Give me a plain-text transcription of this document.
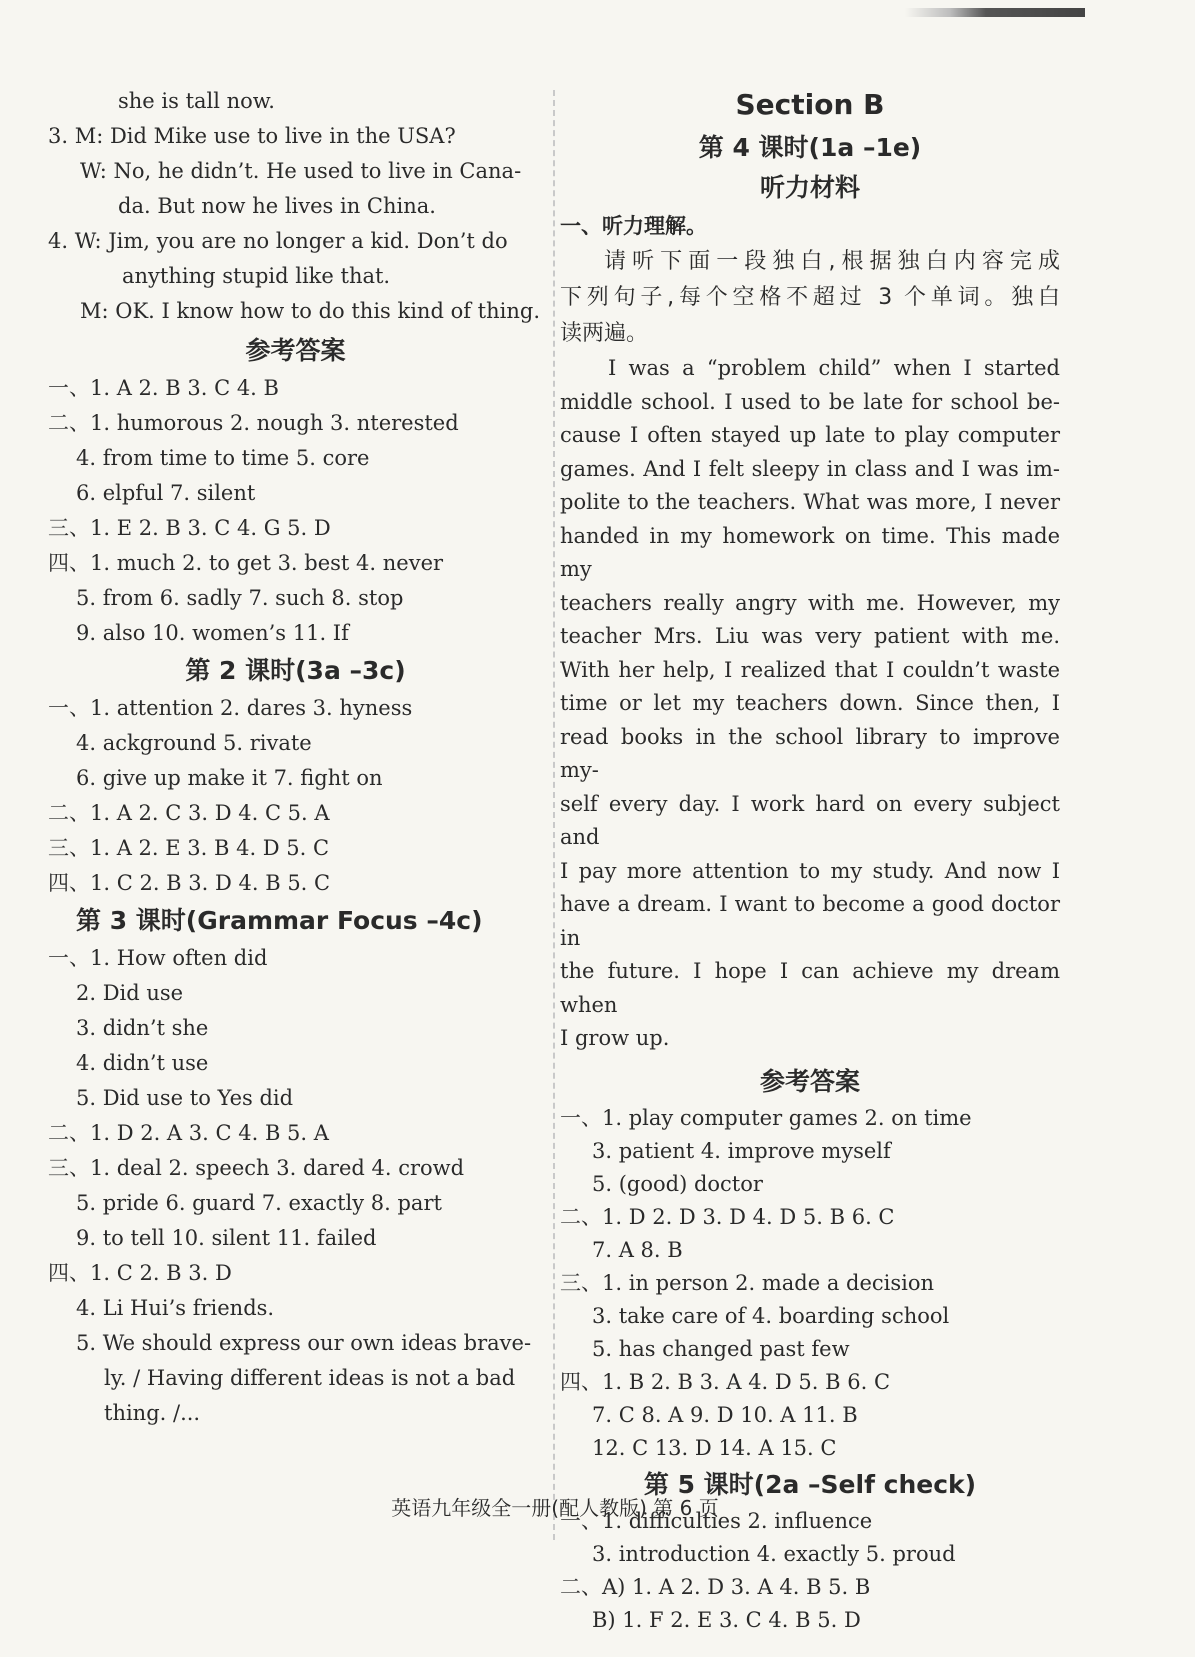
she is tall now.
3. M: Did Mike use to live in the USA?
W: No, he didn’t. He used to live in Cana-
da. But now he lives in China.
4. W: Jim, you are no longer a kid. Don’t do
anything stupid like that.
M: OK. I know how to do this kind of thing.
参考答案
一、1. A 2. B 3. C 4. B
二、1. humorous 2. nough 3. nterested
4. from time to time 5. core
6. elpful 7. silent
三、1. E 2. B 3. C 4. G 5. D
四、1. much 2. to get 3. best 4. never
5. from 6. sadly 7. such 8. stop
9. also 10. women’s 11. If
第 2 课时(3a –3c)
一、1. attention 2. dares 3. hyness
4. ackground 5. rivate
6. give up make it 7. fight on
二、1. A 2. C 3. D 4. C 5. A
三、1. A 2. E 3. B 4. D 5. C
四、1. C 2. B 3. D 4. B 5. C
第 3 课时(Grammar Focus –4c)
一、1. How often did
2. Did use
3. didn’t she
4. didn’t use
5. Did use to Yes did
二、1. D 2. A 3. C 4. B 5. A
三、1. deal 2. speech 3. dared 4. crowd
5. pride 6. guard 7. exactly 8. part
9. to tell 10. silent 11. failed
四、1. C 2. B 3. D
4. Li Hui’s friends.
5. We should express our own ideas brave-
ly. / Having different ideas is not a bad
thing. /...
Section B
第 4 课时(1a –1e)
听力材料
一、听力理解。
请听下面一段独白,根据独白内容完成
下列句子,每个空格不超过 3 个单词。独白
读两遍。
I was a “problem child” when I started
middle school. I used to be late for school be-
cause I often stayed up late to play computer
games. And I felt sleepy in class and I was im-
polite to the teachers. What was more, I never
handed in my homework on time. This made my
teachers really angry with me. However, my
teacher Mrs. Liu was very patient with me.
With her help, I realized that I couldn’t waste
time or let my teachers down. Since then, I
read books in the school library to improve my-
self every day. I work hard on every subject and
I pay more attention to my study. And now I
have a dream. I want to become a good doctor in
the future. I hope I can achieve my dream when
I grow up.
参考答案
一、1. play computer games 2. on time
3. patient 4. improve myself
5. (good) doctor
二、1. D 2. D 3. D 4. D 5. B 6. C
7. A 8. B
三、1. in person 2. made a decision
3. take care of 4. boarding school
5. has changed past few
四、1. B 2. B 3. A 4. D 5. B 6. C
7. C 8. A 9. D 10. A 11. B
12. C 13. D 14. A 15. C
第 5 课时(2a –Self check)
一、1. difficulties 2. influence
3. introduction 4. exactly 5. proud
二、A) 1. A 2. D 3. A 4. B 5. B
B) 1. F 2. E 3. C 4. B 5. D
英语九年级全一册(配人教版) 第 6 页
